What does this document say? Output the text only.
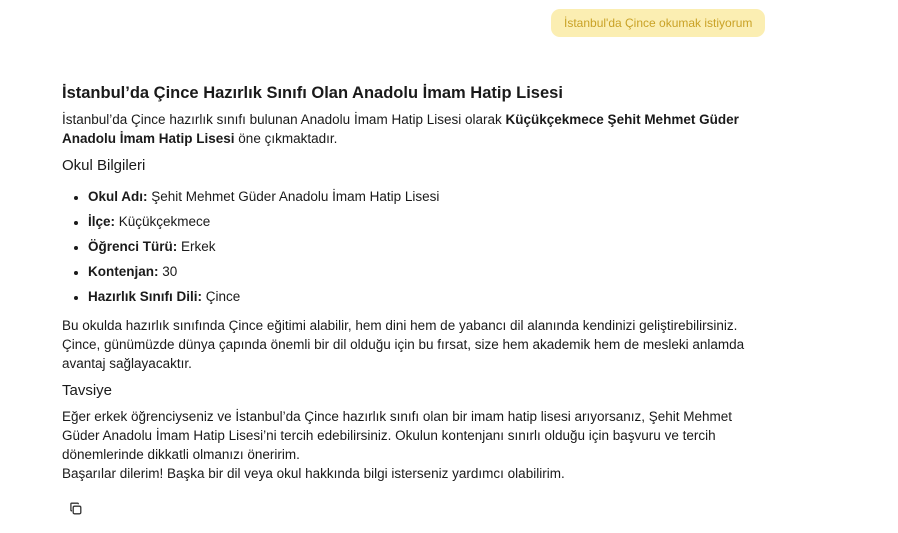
İstanbul'da Çince okumak istiyorum
İstanbul’da Çince Hazırlık Sınıfı Olan Anadolu İmam Hatip Lisesi

İstanbul’da Çince hazırlık sınıfı bulunan Anadolu İmam Hatip Lisesi olarak Küçükçekmece Şehit Mehmet Güder Anadolu İmam Hatip Lisesi öne çıkmaktadır.

Okul Bilgileri
• Okul Adı: Şehit Mehmet Güder Anadolu İmam Hatip Lisesi
• İlçe: Küçükçekmece
• Öğrenci Türü: Erkek
• Kontenjan: 30
• Hazırlık Sınıfı Dili: Çince

Bu okulda hazırlık sınıfında Çince eğitimi alabilir, hem dini hem de yabancı dil alanında kendinizi geliştirebilirsiniz. Çince, günümüzde dünya çapında önemli bir dil olduğu için bu fırsat, size hem akademik hem de mesleki anlamda avantaj sağlayacaktır.

Tavsiye

Eğer erkek öğrenciyseniz ve İstanbul’da Çince hazırlık sınıfı olan bir imam hatip lisesi arıyorsanız, Şehit Mehmet Güder Anadolu İmam Hatip Lisesi’ni tercih edebilirsiniz. Okulun kontenjanı sınırlı olduğu için başvuru ve tercih dönemlerinde dikkatli olmanızı öneririm.

Başarılar dilerim! Başka bir dil veya okul hakkında bilgi isterseniz yardımcı olabilirim.
